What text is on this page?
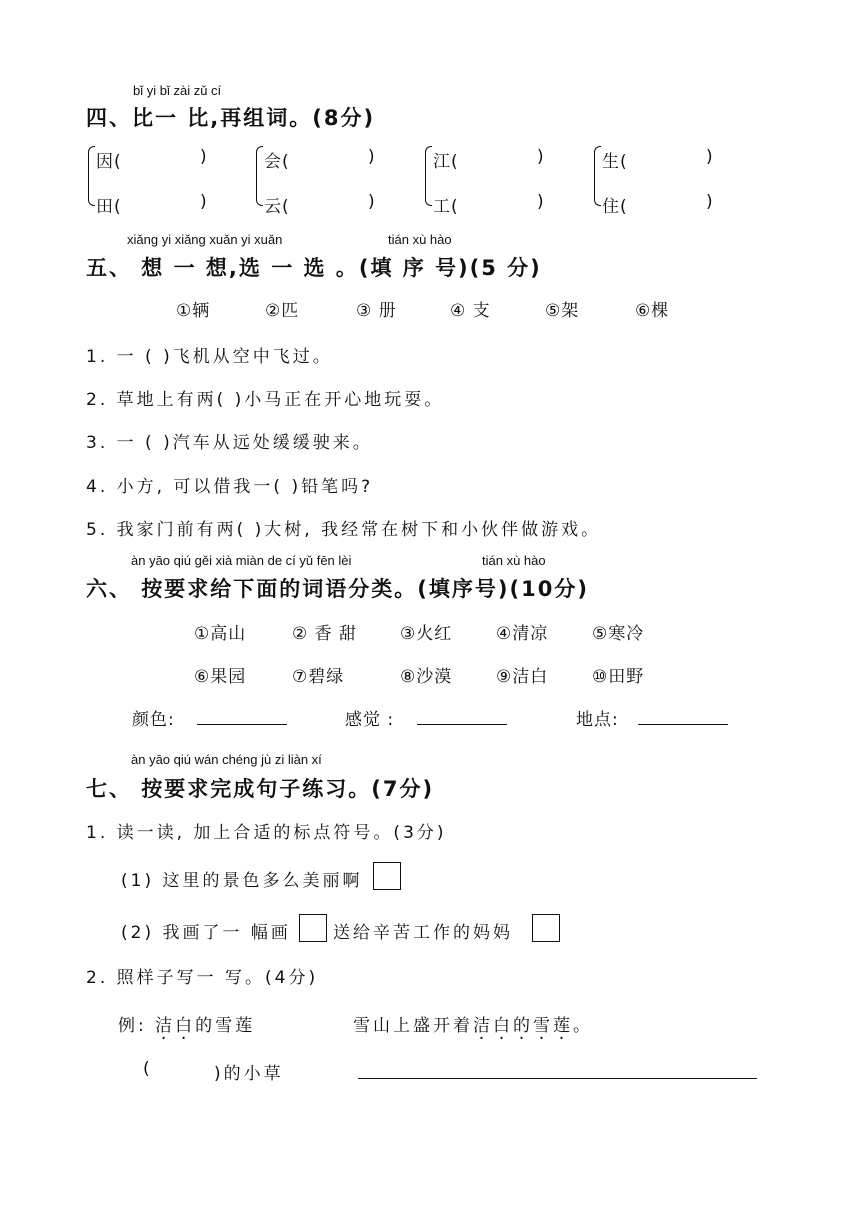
bǐ yi bǐ zài zǔ cí
四、比一 比,再组词。(8分)
因(	)
田(	)
会(	)
云(	)
江(	)
工(	)
生(	)
住(	)
xiǎng yi xiǎng xuǎn yi xuǎn	tián xù hào
五、 想 一 想,选 一 选 。(填 序 号)(5 分)
①辆	②匹	③ 册	④ 支	⑤架	⑥棵
1. 一 ( )飞机从空中飞过。
2. 草地上有两( )小马正在开心地玩耍。
3. 一 ( )汽车从远处缓缓驶来。
4. 小方, 可以借我一( )铅笔吗?
5. 我家门前有两( )大树, 我经常在树下和小伙伴做游戏。
àn yāo qiú gěi xià miàn de cí yǔ fēn lèi	tián xù hào
六、 按要求给下面的词语分类。(填序号)(10分)
①高山	② 香 甜	③火红	④清凉	⑤寒冷
⑥果园	⑦碧绿	⑧沙漠	⑨洁白	⑩田野
颜色:	感觉 :	地点:
àn yāo qiú wán chéng jù zi liàn xí
七、 按要求完成句子练习。(7分)
1. 读一读, 加上合适的标点符号。(3分)
(1) 这里的景色多么美丽啊
(2) 我画了一 幅画 送给辛苦工作的妈妈
2. 照样子写一 写。(4分)
例: 洁白的雪莲	雪山上盛开着洁白的雪莲。
(	)的小草
